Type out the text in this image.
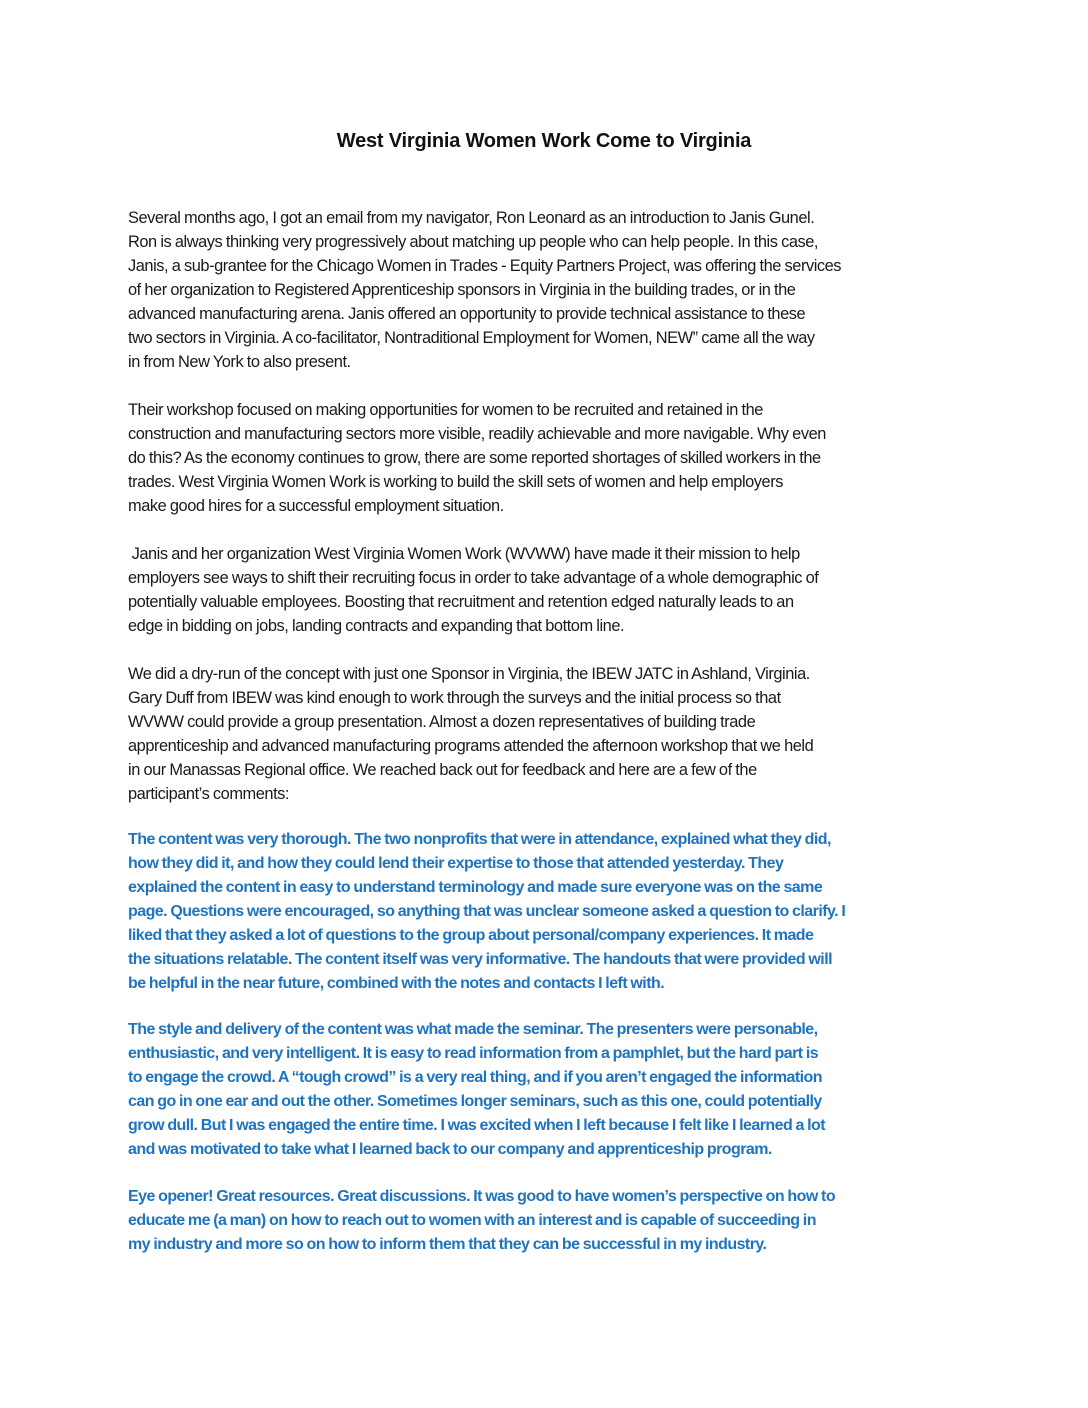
West Virginia Women Work Come to Virginia
Several months ago, I got an email from my navigator, Ron Leonard as an introduction to Janis Gunel.
Ron is always thinking very progressively about matching up people who can help people. In this case,
Janis, a sub-grantee for the Chicago Women in Trades - Equity Partners Project, was offering the services
of her organization to Registered Apprenticeship sponsors in Virginia in the building trades, or in the
advanced manufacturing arena. Janis offered an opportunity to provide technical assistance to these
two sectors in Virginia. A co-facilitator, Nontraditional Employment for Women, NEW” came all the way
in from New York to also present.
Their workshop focused on making opportunities for women to be recruited and retained in the
construction and manufacturing sectors more visible, readily achievable and more navigable. Why even
do this? As the economy continues to grow, there are some reported shortages of skilled workers in the
trades. West Virginia Women Work is working to build the skill sets of women and help employers
make good hires for a successful employment situation.
Janis and her organization West Virginia Women Work (WVWW) have made it their mission to help
employers see ways to shift their recruiting focus in order to take advantage of a whole demographic of
potentially valuable employees. Boosting that recruitment and retention edged naturally leads to an
edge in bidding on jobs, landing contracts and expanding that bottom line.
We did a dry-run of the concept with just one Sponsor in Virginia, the IBEW JATC in Ashland, Virginia.
Gary Duff from IBEW was kind enough to work through the surveys and the initial process so that
WVWW could provide a group presentation. Almost a dozen representatives of building trade
apprenticeship and advanced manufacturing programs attended the afternoon workshop that we held
in our Manassas Regional office. We reached back out for feedback and here are a few of the
participant’s comments:
The content was very thorough. The two nonprofits that were in attendance, explained what they did,
how they did it, and how they could lend their expertise to those that attended yesterday. They
explained the content in easy to understand terminology and made sure everyone was on the same
page. Questions were encouraged, so anything that was unclear someone asked a question to clarify. I
liked that they asked a lot of questions to the group about personal/company experiences. It made
the situations relatable. The content itself was very informative. The handouts that were provided will
be helpful in the near future, combined with the notes and contacts I left with.
The style and delivery of the content was what made the seminar. The presenters were personable,
enthusiastic, and very intelligent. It is easy to read information from a pamphlet, but the hard part is
to engage the crowd. A “tough crowd” is a very real thing, and if you aren’t engaged the information
can go in one ear and out the other. Sometimes longer seminars, such as this one, could potentially
grow dull. But I was engaged the entire time. I was excited when I left because I felt like I learned a lot
and was motivated to take what I learned back to our company and apprenticeship program.
Eye opener! Great resources. Great discussions. It was good to have women’s perspective on how to
educate me (a man) on how to reach out to women with an interest and is capable of succeeding in
my industry and more so on how to inform them that they can be successful in my industry.
